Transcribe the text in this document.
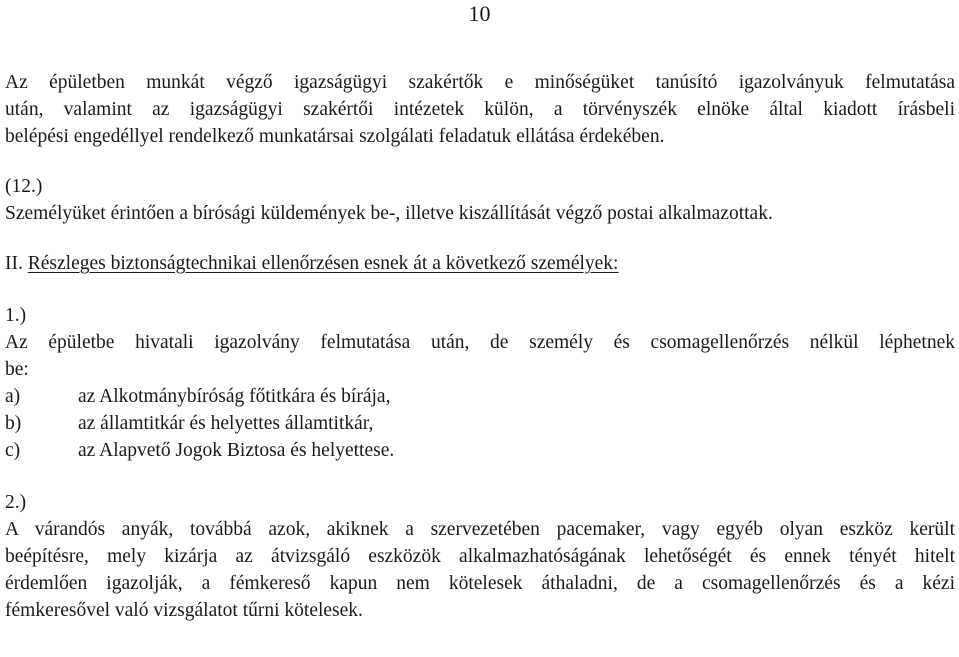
10
Az épületben munkát végző igazságügyi szakértők e minőségüket tanúsító igazolványuk felmutatása
után, valamint az igazságügyi szakértői intézetek külön, a törvényszék elnöke által kiadott írásbeli
belépési engedéllyel rendelkező munkatársai szolgálati feladatuk ellátása érdekében.
(12.)
Személyüket érintően a bírósági küldemények be-, illetve kiszállítását végző postai alkalmazottak.
II. Részleges biztonságtechnikai ellenőrzésen esnek át a következő személyek:
1.)
Az épületbe hivatali igazolvány felmutatása után, de személy és csomagellenőrzés nélkül léphetnek
be:
a)	az Alkotmánybíróság főtitkára és bírája,
b)	az államtitkár és helyettes államtitkár,
c)	az Alapvető Jogok Biztosa és helyettese.
2.)
A várandós anyák, továbbá azok, akiknek a szervezetében pacemaker, vagy egyéb olyan eszköz került
beépítésre, mely kizárja az átvizsgáló eszközök alkalmazhatóságának lehetőségét és ennek tényét hitelt
érdemlően igazolják, a fémkereső kapun nem kötelesek áthaladni, de a csomagellenőrzés és a kézi
fémkeresővel való vizsgálatot tűrni kötelesek.
